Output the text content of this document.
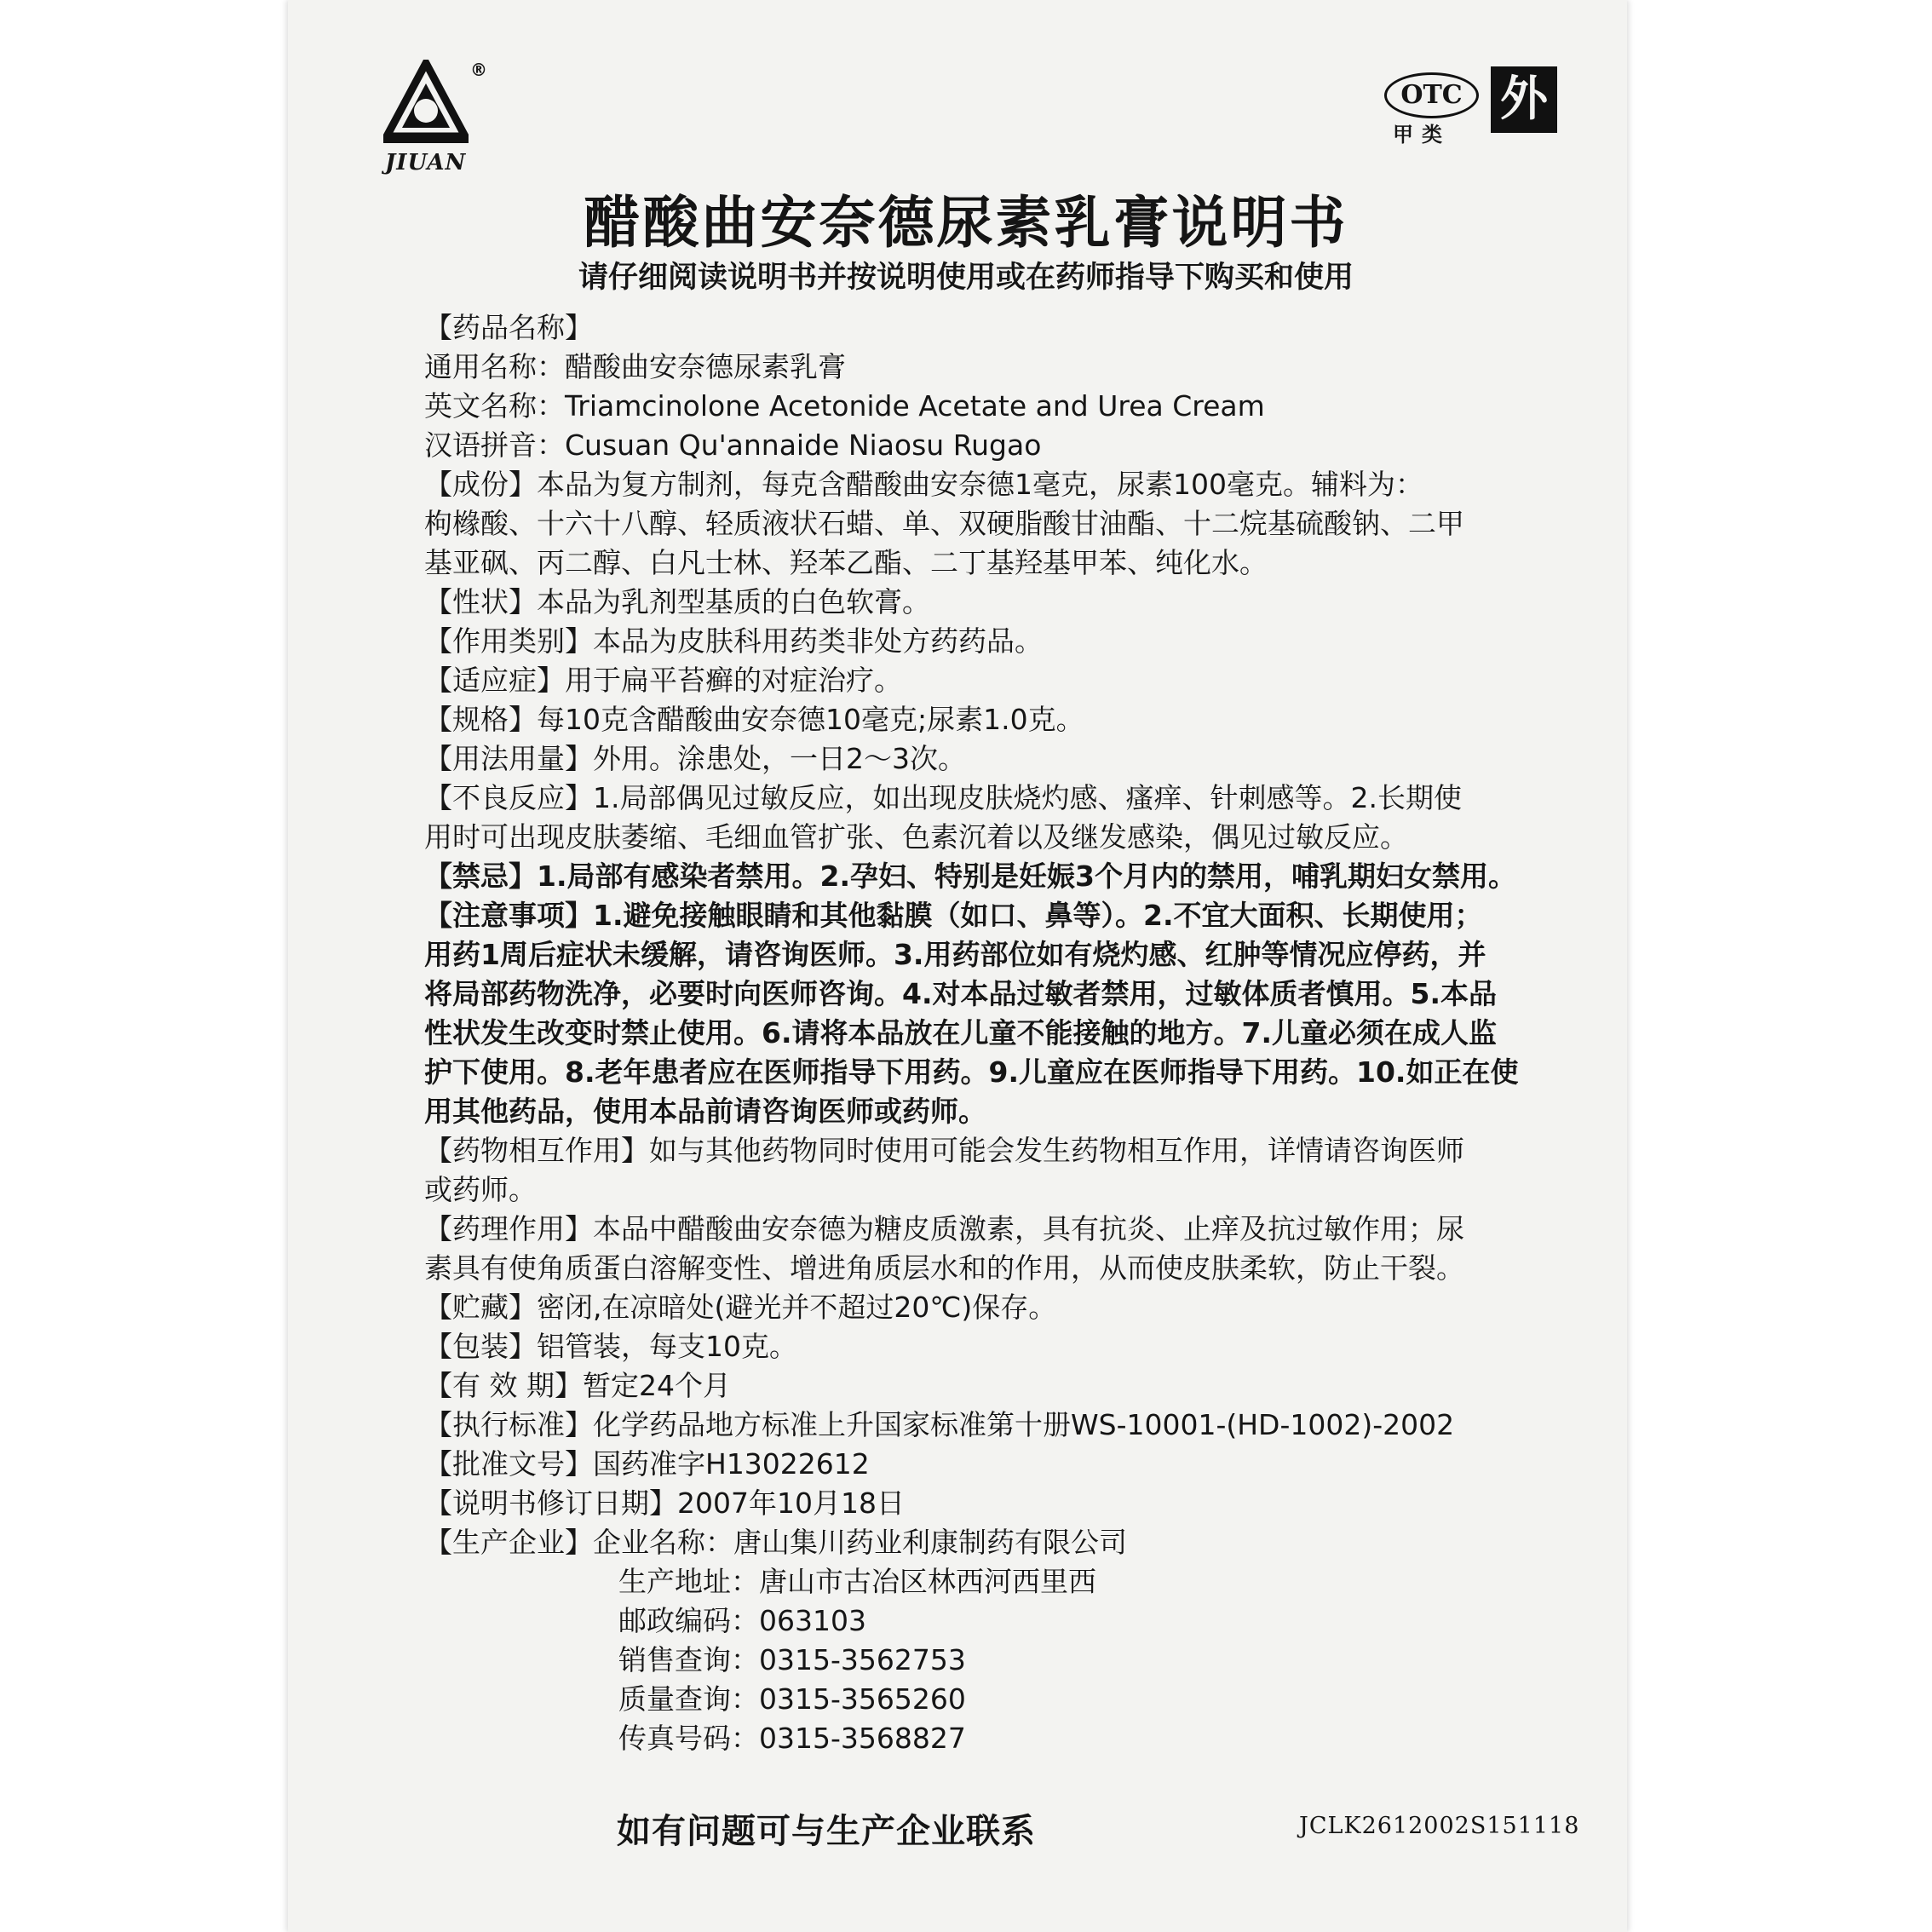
®
JIUAN
OTC
甲类
外
醋酸曲安奈德尿素乳膏说明书
请仔细阅读说明书并按说明使用或在药师指导下购买和使用
【药品名称】
通用名称：醋酸曲安奈德尿素乳膏
英文名称：Triamcinolone Acetonide Acetate and Urea Cream
汉语拼音：Cusuan Qu'annaide Niaosu Rugao
【成份】本品为复方制剂，每克含醋酸曲安奈德1毫克，尿素100毫克。辅料为：
枸橼酸、十六十八醇、轻质液状石蜡、单、双硬脂酸甘油酯、十二烷基硫酸钠、二甲
基亚砜、丙二醇、白凡士林、羟苯乙酯、二丁基羟基甲苯、纯化水。
【性状】本品为乳剂型基质的白色软膏。
【作用类别】本品为皮肤科用药类非处方药药品。
【适应症】用于扁平苔癣的对症治疗。
【规格】每10克含醋酸曲安奈德10毫克;尿素1.0克。
【用法用量】外用。涂患处，一日2～3次。
【不良反应】1.局部偶见过敏反应，如出现皮肤烧灼感、瘙痒、针刺感等。2.长期使
用时可出现皮肤萎缩、毛细血管扩张、色素沉着以及继发感染，偶见过敏反应。
【禁忌】1.局部有感染者禁用。2.孕妇、特别是妊娠3个月内的禁用，哺乳期妇女禁用。
【注意事项】1.避免接触眼睛和其他黏膜（如口、鼻等）。2.不宜大面积、长期使用；
用药1周后症状未缓解，请咨询医师。3.用药部位如有烧灼感、红肿等情况应停药，并
将局部药物洗净，必要时向医师咨询。4.对本品过敏者禁用，过敏体质者慎用。5.本品
性状发生改变时禁止使用。6.请将本品放在儿童不能接触的地方。7.儿童必须在成人监
护下使用。8.老年患者应在医师指导下用药。9.儿童应在医师指导下用药。10.如正在使
用其他药品，使用本品前请咨询医师或药师。
【药物相互作用】如与其他药物同时使用可能会发生药物相互作用，详情请咨询医师
或药师。
【药理作用】本品中醋酸曲安奈德为糖皮质激素，具有抗炎、止痒及抗过敏作用；尿
素具有使角质蛋白溶解变性、增进角质层水和的作用，从而使皮肤柔软，防止干裂。
【贮藏】密闭,在凉暗处(避光并不超过20℃)保存。
【包装】铝管装，每支10克。
【有 效 期】暂定24个月
【执行标准】化学药品地方标准上升国家标准第十册WS-10001-(HD-1002)-2002
【批准文号】国药准字H13022612
【说明书修订日期】2007年10月18日
【生产企业】企业名称：唐山集川药业利康制药有限公司
生产地址：唐山市古冶区林西河西里西
邮政编码：063103
销售查询：0315-3562753
质量查询：0315-3565260
传真号码：0315-3568827
如有问题可与生产企业联系	JCLK2612002S151118
